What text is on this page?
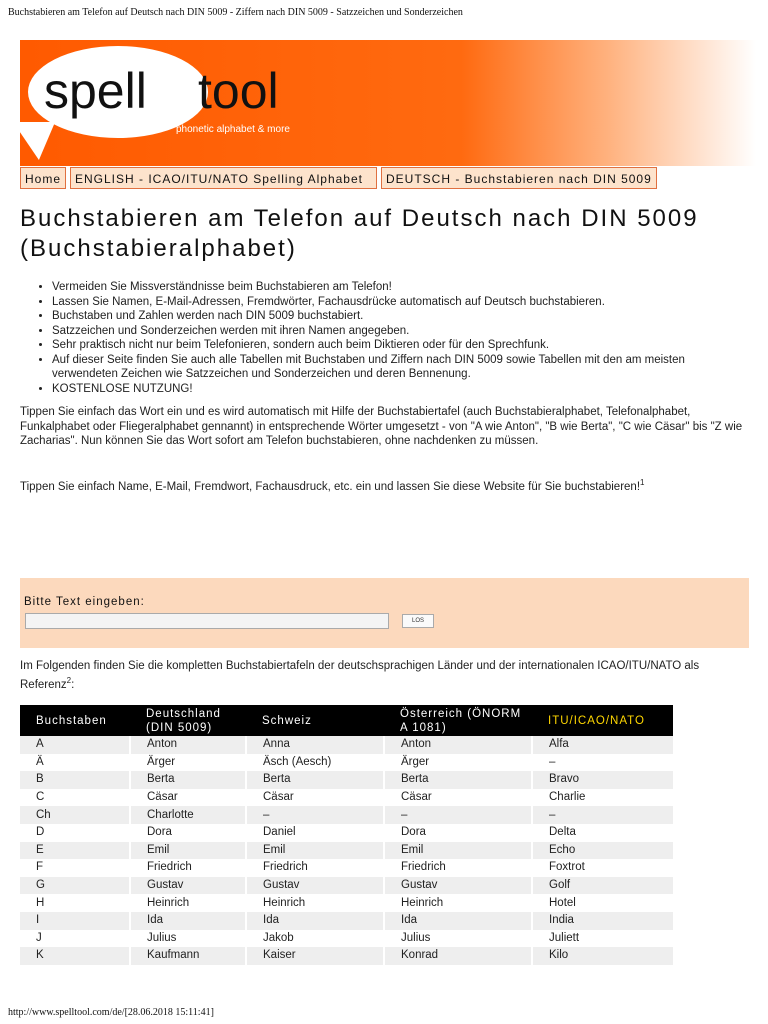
Buchstabieren am Telefon auf Deutsch nach DIN 5009 - Ziffern nach DIN 5009 - Satzzeichen und Sonderzeichen
spell tool
phonetic alphabet & more
Home	ENGLISH - ICAO/ITU/NATO Spelling Alphabet	DEUTSCH - Buchstabieren nach DIN 5009
Buchstabieren am Telefon auf Deutsch nach DIN 5009 (Buchstabieralphabet)
• Vermeiden Sie Missverständnisse beim Buchstabieren am Telefon!
• Lassen Sie Namen, E-Mail-Adressen, Fremdwörter, Fachausdrücke automatisch auf Deutsch buchstabieren.
• Buchstaben und Zahlen werden nach DIN 5009 buchstabiert.
• Satzzeichen und Sonderzeichen werden mit ihren Namen angegeben.
• Sehr praktisch nicht nur beim Telefonieren, sondern auch beim Diktieren oder für den Sprechfunk.
• Auf dieser Seite finden Sie auch alle Tabellen mit Buchstaben und Ziffern nach DIN 5009 sowie Tabellen mit den am meisten verwendeten Zeichen wie Satzzeichen und Sonderzeichen und deren Bennenung.
• KOSTENLOSE NUTZUNG!

Tippen Sie einfach das Wort ein und es wird automatisch mit Hilfe der Buchstabiertafel (auch Buchstabieralphabet, Telefonalphabet, Funkalphabet oder Fliegeralphabet gennannt) in entsprechende Wörter umgesetzt - von "A wie Anton", "B wie Berta", "C wie Cäsar" bis "Z wie Zacharias". Nun können Sie das Wort sofort am Telefon buchstabieren, ohne nachdenken zu müssen.

Tippen Sie einfach Name, E-Mail, Fremdwort, Fachausdruck, etc. ein und lassen Sie diese Website für Sie buchstabieren!$^1$

Bitte Text eingeben:
LOS

Im Folgenden finden Sie die kompletten Buchstabiertafeln der deutschsprachigen Länder und der internationalen ICAO/ITU/NATO als Referenz$^2$:

Buchstaben	Deutschland (DIN 5009)	Schweiz	Österreich (ÖNORM A 1081)	ITU/ICAO/NATO
A	Anton	Anna	Anton	Alfa
Ä	Ärger	Äsch (Aesch)	Ärger	–
B	Berta	Berta	Berta	Bravo
C	Cäsar	Cäsar	Cäsar	Charlie
Ch	Charlotte	–	–	–
D	Dora	Daniel	Dora	Delta
E	Emil	Emil	Emil	Echo
F	Friedrich	Friedrich	Friedrich	Foxtrot
G	Gustav	Gustav	Gustav	Golf
H	Heinrich	Heinrich	Heinrich	Hotel
I	Ida	Ida	Ida	India
J	Julius	Jakob	Julius	Juliett
K	Kaufmann	Kaiser	Konrad	Kilo

http://www.spelltool.com/de/[28.06.2018 15:11:41]
